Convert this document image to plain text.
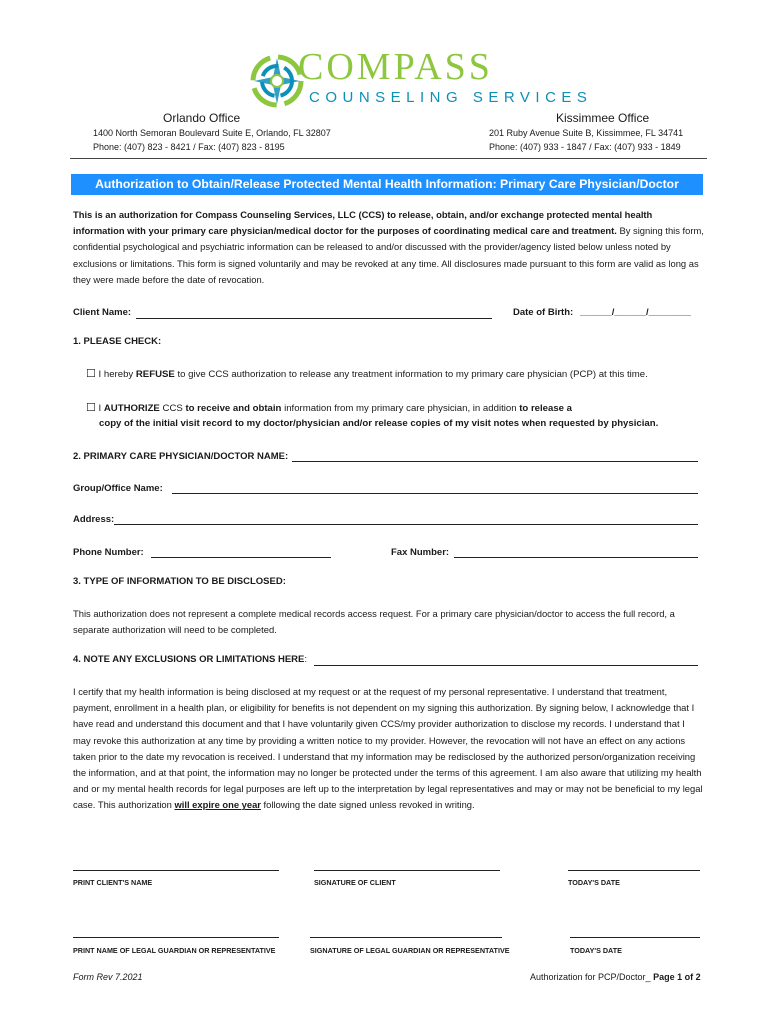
COMPASS
COUNSELING SERVICES
Orlando Office
1400 North Semoran Boulevard Suite E, Orlando, FL 32807
Phone: (407) 823 - 8421 / Fax: (407) 823 - 8195
Kissimmee Office
201 Ruby Avenue Suite B, Kissimmee, FL 34741
Phone: (407) 933 - 1847 / Fax: (407) 933 - 1849
Authorization to Obtain/Release Protected Mental Health Information: Primary Care Physician/Doctor
This is an authorization for Compass Counseling Services, LLC (CCS) to release, obtain, and/or exchange protected mental health information with your primary care physician/medical doctor for the purposes of coordinating medical care and treatment. By signing this form, confidential psychological and psychiatric information can be released to and/or discussed with the provider/agency listed below unless noted by exclusions or limitations. This form is signed voluntarily and may be revoked at any time. All disclosures made pursuant to this form are valid as long as they were made before the date of revocation.
Client Name:	Date of Birth: ______/______/________
1. PLEASE CHECK:
☐ I hereby REFUSE to give CCS authorization to release any treatment information to my primary care physician (PCP) at this time.
☐ I AUTHORIZE CCS to receive and obtain information from my primary care physician, in addition to release a
copy of the initial visit record to my doctor/physician and/or release copies of my visit notes when requested by physician.
2. PRIMARY CARE PHYSICIAN/DOCTOR NAME:
Group/Office Name:
Address:
Phone Number:	Fax Number:
3. TYPE OF INFORMATION TO BE DISCLOSED:
This authorization does not represent a complete medical records access request. For a primary care physician/doctor to access the full record, a separate authorization will need to be completed.
4. NOTE ANY EXCLUSIONS OR LIMITATIONS HERE:
I certify that my health information is being disclosed at my request or at the request of my personal representative. I understand that treatment, payment, enrollment in a health plan, or eligibility for benefits is not dependent on my signing this authorization. By signing below, I acknowledge that I have read and understand this document and that I have voluntarily given CCS/my provider authorization to disclose my records. I understand that I may revoke this authorization at any time by providing a written notice to my provider. However, the revocation will not have an effect on any actions taken prior to the date my revocation is received. I understand that my information may be redisclosed by the authorized person/organization receiving the information, and at that point, the information may no longer be protected under the terms of this agreement. I am also aware that utilizing my health and or my mental health records for legal purposes are left up to the interpretation by legal representatives and may or may not be beneficial to my legal case. This authorization will expire one year following the date signed unless revoked in writing.
PRINT CLIENT'S NAME	SIGNATURE OF CLIENT	TODAY'S DATE
PRINT NAME OF LEGAL GUARDIAN OR REPRESENTATIVE	SIGNATURE OF LEGAL GUARDIAN OR REPRESENTATIVE	TODAY'S DATE
Form Rev 7.2021	Authorization for PCP/Doctor_ Page 1 of 2
